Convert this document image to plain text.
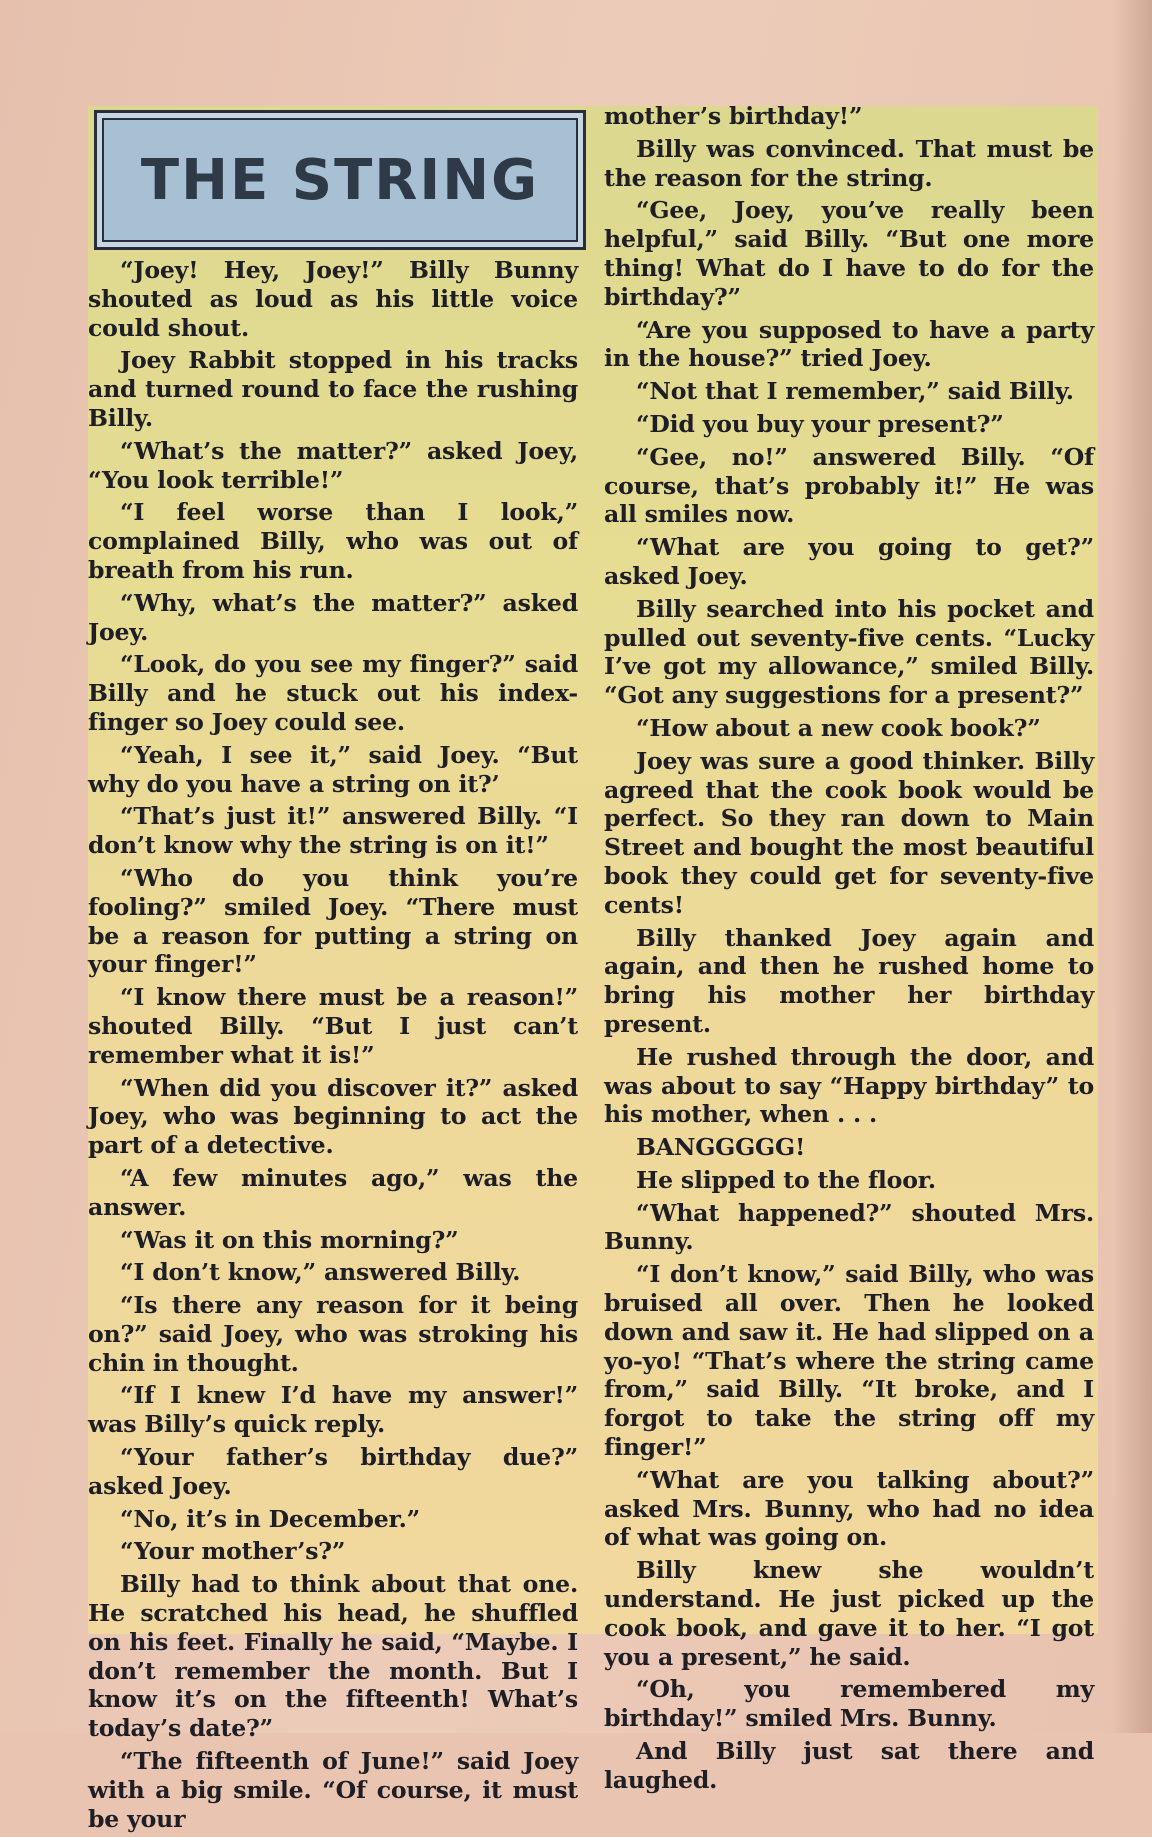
“Joey! Hey, Joey!” Billy Bunny shouted as loud as his little voice could shout.

Joey Rabbit stopped in his tracks and turned round to face the rushing Billy.

“What’s the matter?” asked Joey, “You look terrible!”

“I feel worse than I look,” complained Billy, who was out of breath from his run.

“Why, what’s the matter?” asked Joey.

“Look, do you see my finger?” said Billy and he stuck out his index-finger so Joey could see.

“Yeah, I see it,” said Joey. “But why do you have a string on it?’

“That’s just it!” answered Billy. “I don’t know why the string is on it!”

“Who do you think you’re fooling?” smiled Joey. “There must be a reason for putting a string on your finger!”

“I know there must be a reason!” shouted Billy. “But I just can’t remember what it is!”

“When did you discover it?” asked Joey, who was beginning to act the part of a detective.

“A few minutes ago,” was the answer.

“Was it on this morning?”

“I don’t know,” answered Billy.

“Is there any reason for it being on?” said Joey, who was stroking his chin in thought.

“If I knew I’d have my answer!” was Billy’s quick reply.

“Your father’s birthday due?” asked Joey.

“No, it’s in December.”

“Your mother’s?”

Billy had to think about that one. He scratched his head, he shuffled on his feet. Finally he said, “Maybe. I don’t remember the month. But I know it’s on the fifteenth! What’s today’s date?”

“The fifteenth of June!” said Joey with a big smile. “Of course, it must be your

mother’s birthday!”

Billy was convinced. That must be the reason for the string.

“Gee, Joey, you’ve really been helpful,” said Billy. “But one more thing! What do I have to do for the birthday?”

“Are you supposed to have a party in the house?” tried Joey.

“Not that I remember,” said Billy.

“Did you buy your present?”

“Gee, no!” answered Billy. “Of course, that’s probably it!” He was all smiles now.

“What are you going to get?” asked Joey.

Billy searched into his pocket and pulled out seventy-five cents. “Lucky I’ve got my allowance,” smiled Billy. “Got any suggestions for a present?”

“How about a new cook book?”

Joey was sure a good thinker. Billy agreed that the cook book would be perfect. So they ran down to Main Street and bought the most beautiful book they could get for seventy-five cents!

Billy thanked Joey again and again, and then he rushed home to bring his mother her birthday present.

He rushed through the door, and was about to say “Happy birthday” to his mother, when . . .

BANGGGGG!

He slipped to the floor.

“What happened?” shouted Mrs. Bunny.

“I don’t know,” said Billy, who was bruised all over. Then he looked down and saw it. He had slipped on a yo-yo! “That’s where the string came from,” said Billy. “It broke, and I forgot to take the string off my finger!”

“What are you talking about?” asked Mrs. Bunny, who had no idea of what was going on.

Billy knew she wouldn’t understand. He just picked up the cook book, and gave it to her. “I got you a present,” he said.

“Oh, you remembered my birthday!” smiled Mrs. Bunny.

And Billy just sat there and laughed.

THE STRING
